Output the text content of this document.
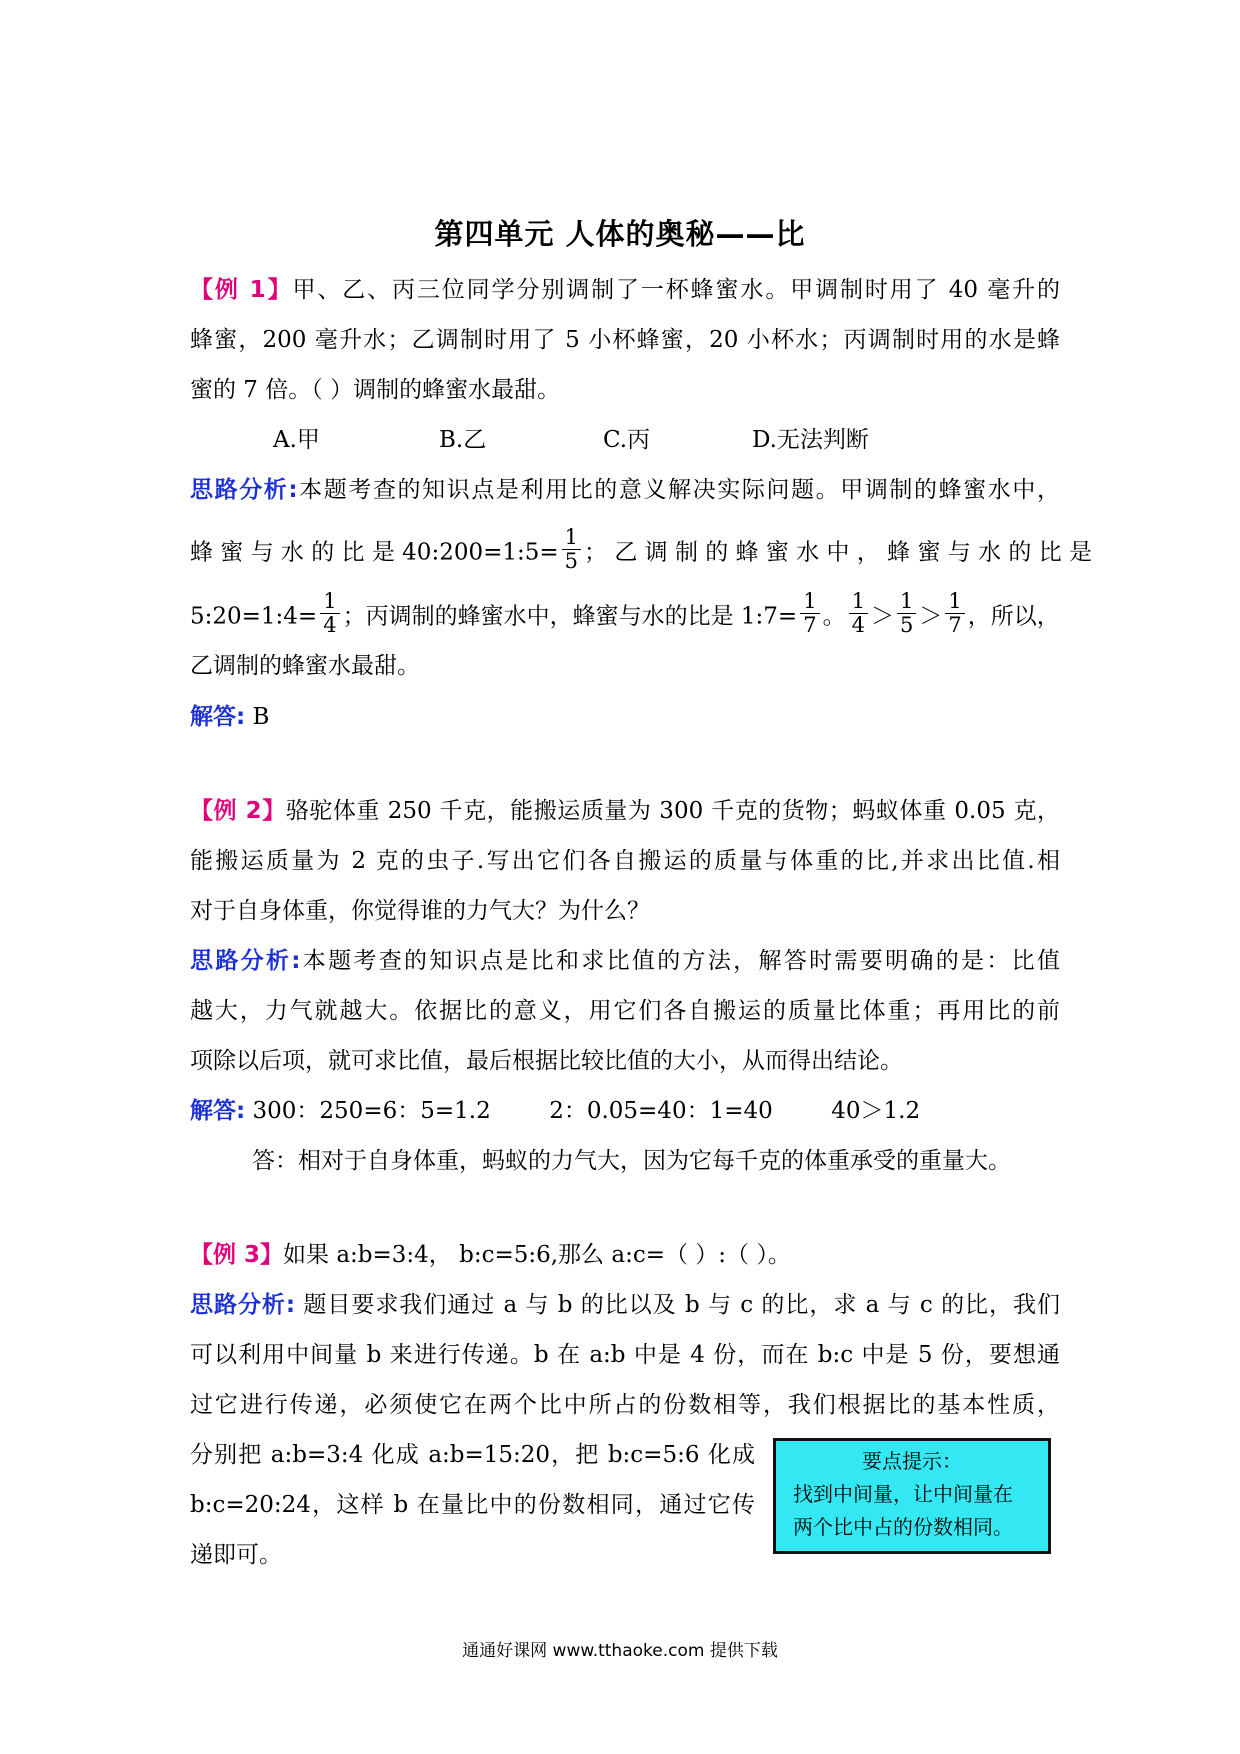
第四单元 人体的奥秘——比
【例 1】甲、乙、丙三位同学分别调制了一杯蜂蜜水。甲调制时用了 40 毫升的
蜂蜜，200 毫升水；乙调制时用了 5 小杯蜂蜜，20 小杯水；丙调制时用的水是蜂
蜜的 7 倍。（ ）调制的蜂蜜水最甜。
A.甲	B.乙	C.丙	D.无法判断
思路分析:本题考查的知识点是利用比的意义解决实际问题。甲调制的蜂蜜水中，
蜂 蜜 与 水 的 比 是 40:200=1:5= $\frac{1}{5}$ ； 乙 调 制 的 蜂 蜜 水 中 ， 蜂 蜜 与 水 的 比 是
5:20=1:4= $\frac{1}{4}$ ；丙调制的蜂蜜水中，蜂蜜与水的比是 1:7= $\frac{1}{7}$ 。 $\frac{1}{4} > \frac{1}{5} > \frac{1}{7}$ ，所以，
乙调制的蜂蜜水最甜。
解答: B
【例 2】骆驼体重 250 千克，能搬运质量为 300 千克的货物；蚂蚁体重 0.05 克，
能搬运质量为 2 克的虫子.写出它们各自搬运的质量与体重的比,并求出比值.相
对于自身体重，你觉得谁的力气大？为什么？
思路分析:本题考查的知识点是比和求比值的方法，解答时需要明确的是：比值
越大，力气就越大。依据比的意义，用它们各自搬运的质量比体重；再用比的前
项除以后项，就可求比值，最后根据比较比值的大小，从而得出结论。
解答: 300：250=6：5=1.2        2：0.05=40：1=40        40＞1.2
答：相对于自身体重，蚂蚁的力气大，因为它每千克的体重承受的重量大。
【例 3】如果 a:b=3:4， b:c=5:6,那么 a:c=（ ）:（ ）。
思路分析: 题目要求我们通过 a 与 b 的比以及 b 与 c 的比，求 a 与 c 的比，我们
可以利用中间量 b 来进行传递。b 在 a:b 中是 4 份，而在 b:c 中是 5 份，要想通
过它进行传递，必须使它在两个比中所占的份数相等，我们根据比的基本性质，
分别把 a:b=3:4 化成 a:b=15:20，把 b:c=5:6 化成
b:c=20:24，这样 b 在量比中的份数相同，通过它传
递即可。
要点提示：
找到中间量，让中间量在
两个比中占的份数相同。
通通好课网 www.tthaoke.com 提供下载
